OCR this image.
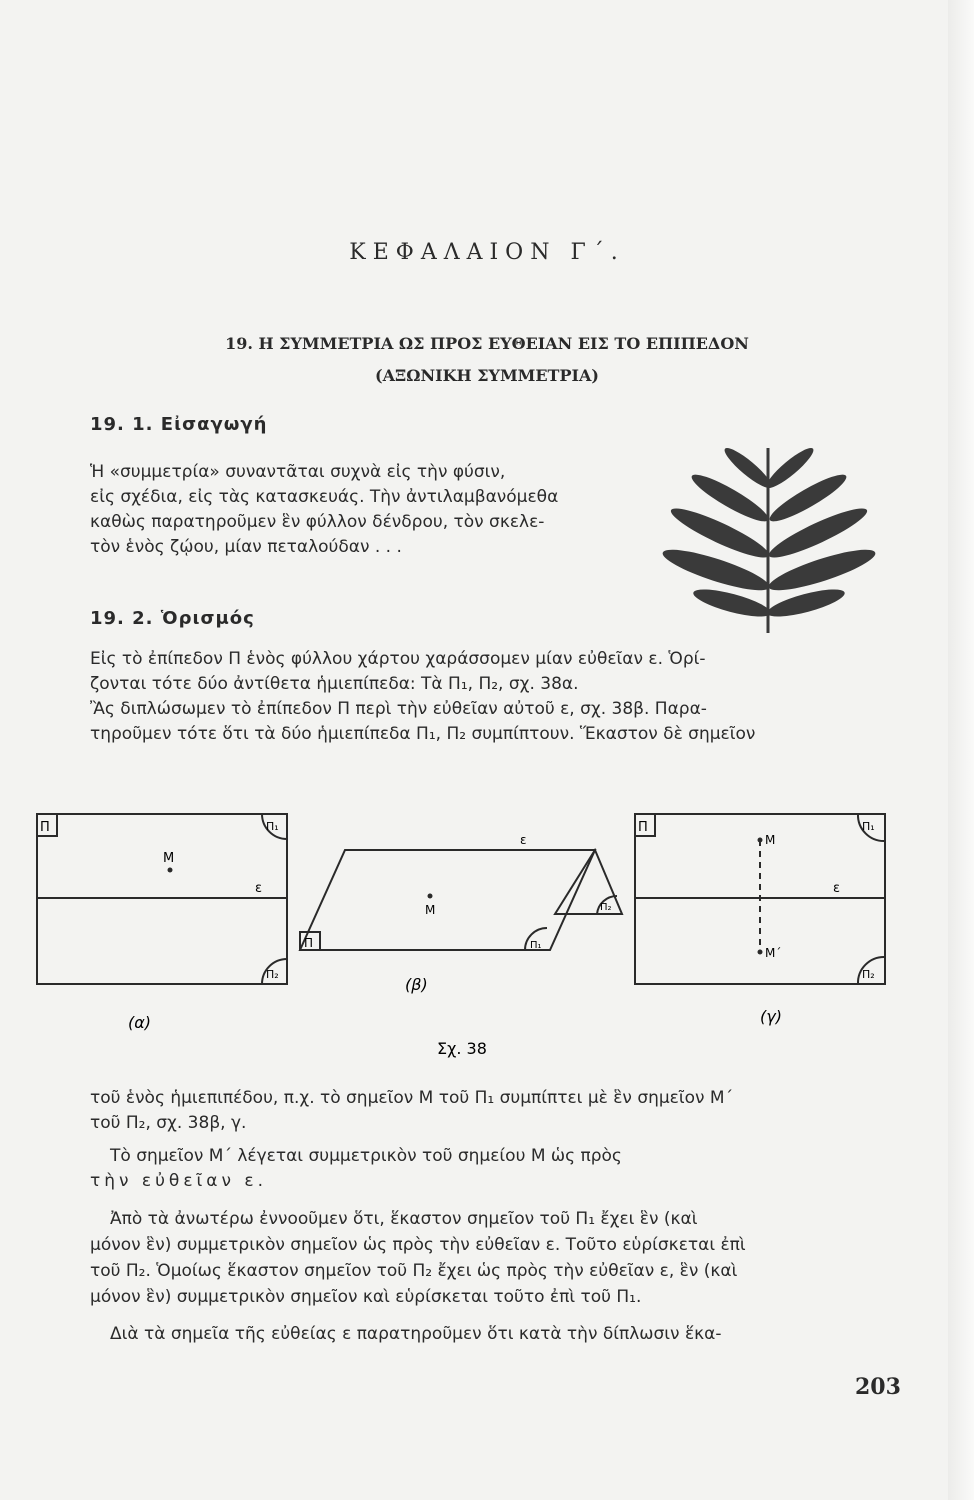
ΚΕΦΑΛΑΙΟΝ Γ΄.
19. Η ΣΥΜΜΕΤΡΙΑ ΩΣ ΠΡΟΣ ΕΥΘΕΙΑΝ ΕΙΣ ΤΟ ΕΠΙΠΕΔΟΝ
(ΑΞΩΝΙΚΗ ΣΥΜΜΕΤΡΙΑ)
19. 1. Εἰσαγωγή

Ἡ «συμμετρία» συναντᾶται συχνὰ εἰς τὴν φύσιν,
εἰς σχέδια, εἰς τὰς κατασκευάς. Τὴν ἀντιλαμβανόμεθα
καθὼς παρατηροῦμεν ἓν φύλλον δένδρου, τὸν σκελε-
τὸν ἑνὸς ζῴου, μίαν πεταλούδαν . . .

19. 2. Ὁρισμός

Εἰς τὸ ἐπίπεδον Π ἑνὸς φύλλου χάρτου χαράσσομεν μίαν εὐθεῖαν ε. Ὁρί-
ζονται τότε δύο ἀντίθετα ἡμιεπίπεδα: Τὰ Π₁, Π₂, σχ. 38α.
Ἂς διπλώσωμεν τὸ ἐπίπεδον Π περὶ τὴν εὐθεῖαν αὐτοῦ ε, σχ. 38β. Παρα-
τηροῦμεν τότε ὅτι τὰ δύο ἡμιεπίπεδα Π₁, Π₂ συμπίπτουν. Ἕκαστον δὲ σημεῖον

Π	Π₁
Π₂
Μ
ε
(α)
Π	Π₁
Π₂
Μ
ε
(β)
Π	Π₁
Π₂
Μ
Μ΄
ε
(γ)
Σχ. 38

τοῦ ἑνὸς ἡμιεπιπέδου, π.χ. τὸ σημεῖον Μ τοῦ Π₁ συμπίπτει μὲ ἓν σημεῖον Μ΄
τοῦ Π₂, σχ. 38β, γ.

Τὸ σημεῖον Μ΄ λέγεται συμμετρικὸν τοῦ σημείου Μ ὡς πρὸς
τὴν εὐθεῖαν ε.

Ἀπὸ τὰ ἀνωτέρω ἐννοοῦμεν ὅτι, ἕκαστον σημεῖον τοῦ Π₁ ἔχει ἓν (καὶ
μόνον ἓν) συμμετρικὸν σημεῖον ὡς πρὸς τὴν εὐθεῖαν ε. Τοῦτο εὑρίσκεται ἐπὶ
τοῦ Π₂. Ὁμοίως ἕκαστον σημεῖον τοῦ Π₂ ἔχει ὡς πρὸς τὴν εὐθεῖαν ε, ἓν (καὶ
μόνον ἓν) συμμετρικὸν σημεῖον καὶ εὑρίσκεται τοῦτο ἐπὶ τοῦ Π₁.

Διὰ τὰ σημεῖα τῆς εὐθείας ε παρατηροῦμεν ὅτι κατὰ τὴν δίπλωσιν ἕκα-

203
